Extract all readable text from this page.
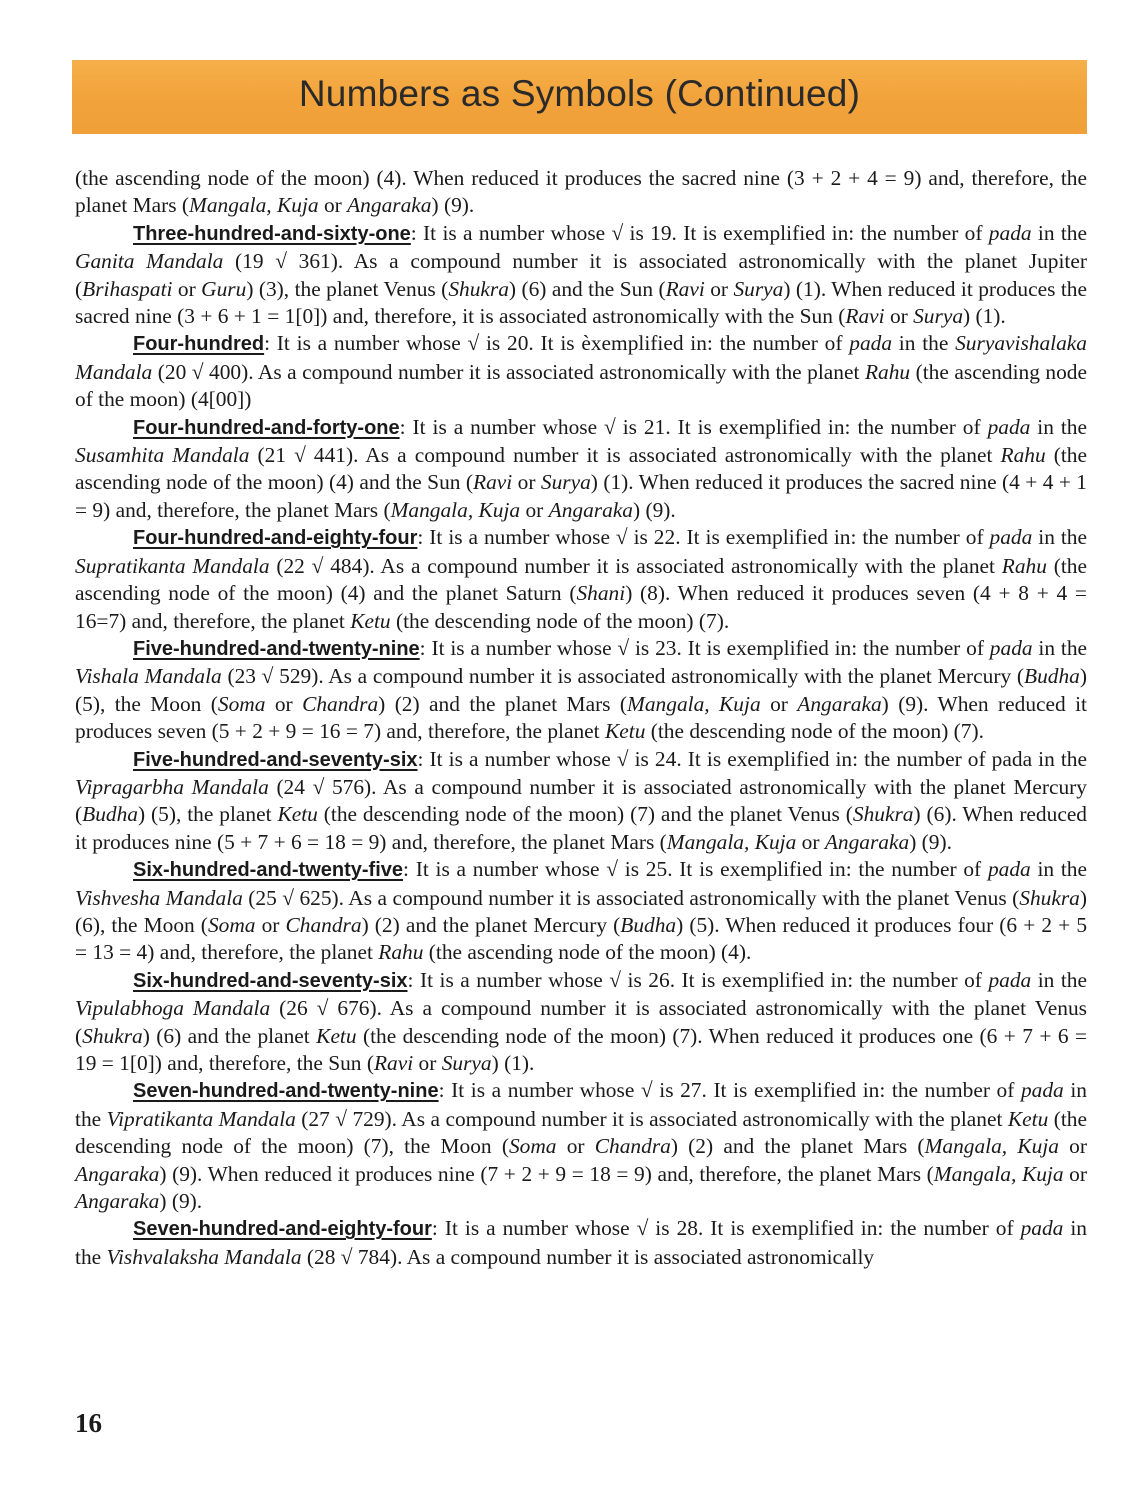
Numbers as Symbols (Continued)

(the ascending node of the moon) (4). When reduced it produces the sacred nine (3 + 2 + 4 = 9) and, therefore, the planet Mars (Mangala, Kuja or Angaraka) (9).

Three-hundred-and-sixty-one: It is a number whose √ is 19. It is exemplified in: the number of pada in the Ganita Mandala (19 √ 361). As a compound number it is associated astronomically with the planet Jupiter (Brihaspati or Guru) (3), the planet Venus (Shukra) (6) and the Sun (Ravi or Surya) (1). When reduced it produces the sacred nine (3 + 6 + 1 = 1[0]) and, therefore, it is associated astronomically with the Sun (Ravi or Surya) (1).

Four-hundred: It is a number whose √ is 20. It is èxemplified in: the number of pada in the Suryavishalaka Mandala (20 √ 400). As a compound number it is associated astronomically with the planet Rahu (the ascending node of the moon) (4[00])

Four-hundred-and-forty-one: It is a number whose √ is 21. It is exemplified in: the number of pada in the Susamhita Mandala (21 √ 441). As a compound number it is associated astronomically with the planet Rahu (the ascending node of the moon) (4) and the Sun (Ravi or Surya) (1). When reduced it produces the sacred nine (4 + 4 + 1 = 9) and, therefore, the planet Mars (Mangala, Kuja or Angaraka) (9).

Four-hundred-and-eighty-four: It is a number whose √ is 22. It is exemplified in: the number of pada in the Supratikanta Mandala (22 √ 484). As a compound number it is associated astronomically with the planet Rahu (the ascending node of the moon) (4) and the planet Saturn (Shani) (8). When reduced it produces seven (4 + 8 + 4 = 16=7) and, therefore, the planet Ketu (the descending node of the moon) (7).

Five-hundred-and-twenty-nine: It is a number whose √ is 23. It is exemplified in: the number of pada in the Vishala Mandala (23 √ 529). As a compound number it is associated astronomically with the planet Mercury (Budha) (5), the Moon (Soma or Chandra) (2) and the planet Mars (Mangala, Kuja or Angaraka) (9). When reduced it produces seven (5 + 2 + 9 = 16 = 7) and, therefore, the planet Ketu (the descending node of the moon) (7).

Five-hundred-and-seventy-six: It is a number whose √ is 24. It is exemplified in: the number of pada in the Vipragarbha Mandala (24 √ 576). As a compound number it is associated astronomically with the planet Mercury (Budha) (5), the planet Ketu (the descending node of the moon) (7) and the planet Venus (Shukra) (6). When reduced it produces nine (5 + 7 + 6 = 18 = 9) and, therefore, the planet Mars (Mangala, Kuja or Angaraka) (9).

Six-hundred-and-twenty-five: It is a number whose √ is 25. It is exemplified in: the number of pada in the Vishvesha Mandala (25 √ 625). As a compound number it is associated astronomically with the planet Venus (Shukra) (6), the Moon (Soma or Chandra) (2) and the planet Mercury (Budha) (5). When reduced it produces four (6 + 2 + 5 = 13 = 4) and, therefore, the planet Rahu (the ascending node of the moon) (4).

Six-hundred-and-seventy-six: It is a number whose √ is 26. It is exemplified in: the number of pada in the Vipulabhoga Mandala (26 √ 676). As a compound number it is associated astronomically with the planet Venus (Shukra) (6) and the planet Ketu (the descending node of the moon) (7). When reduced it produces one (6 + 7 + 6 = 19 = 1[0]) and, therefore, the Sun (Ravi or Surya) (1).

Seven-hundred-and-twenty-nine: It is a number whose √ is 27. It is exemplified in: the number of pada in the Vipratikanta Mandala (27 √ 729). As a compound number it is associated astronomically with the planet Ketu (the descending node of the moon) (7), the Moon (Soma or Chandra) (2) and the planet Mars (Mangala, Kuja or Angaraka) (9). When reduced it produces nine (7 + 2 + 9 = 18 = 9) and, therefore, the planet Mars (Mangala, Kuja or Angaraka) (9).

Seven-hundred-and-eighty-four: It is a number whose √ is 28. It is exemplified in: the number of pada in the Vishvalaksha Mandala (28 √ 784). As a compound number it is associated astronomically

16
